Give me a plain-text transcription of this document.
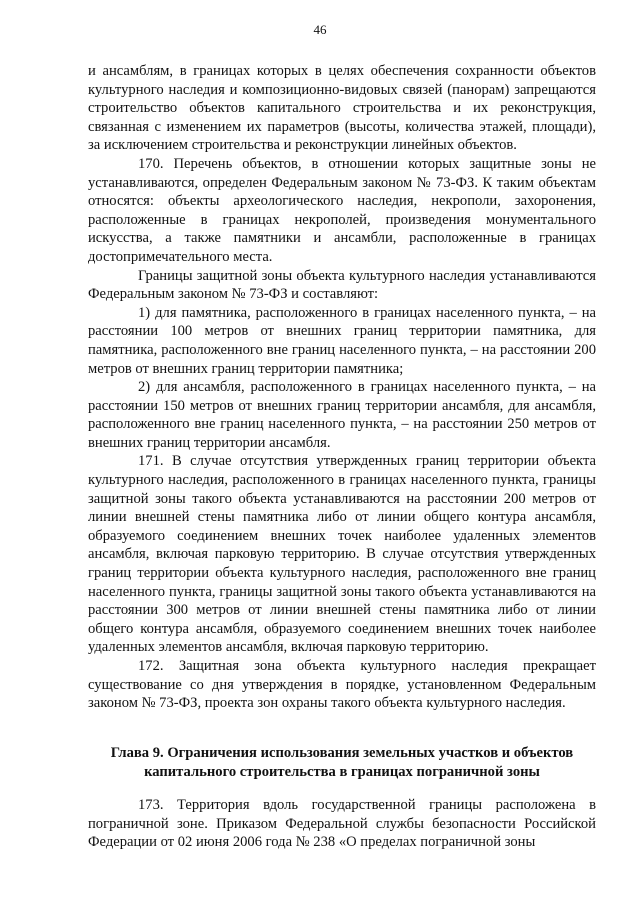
46

и ансамблям, в границах которых в целях обеспечения сохранности объектов культурного наследия и композиционно-видовых связей (панорам) запрещаются строительство объектов капитального строительства и их реконструкция, связанная с изменением их параметров (высоты, количества этажей, площади), за исключением строительства и реконструкции линейных объектов.

170. Перечень объектов, в отношении которых защитные зоны не устанавливаются, определен Федеральным законом № 73-ФЗ. К таким объектам относятся: объекты археологического наследия, некрополи, захоронения, расположенные в границах некрополей, произведения монументального искусства, а также памятники и ансамбли, расположенные в границах достопримечательного места.

Границы защитной зоны объекта культурного наследия устанавливаются Федеральным законом № 73-ФЗ и составляют:

1) для памятника, расположенного в границах населенного пункта, – на расстоянии 100 метров от внешних границ территории памятника, для памятника, расположенного вне границ населенного пункта, – на расстоянии 200 метров от внешних границ территории памятника;

2) для ансамбля, расположенного в границах населенного пункта, – на расстоянии 150 метров от внешних границ территории ансамбля, для ансамбля, расположенного вне границ населенного пункта, – на расстоянии 250 метров от внешних границ территории ансамбля.

171. В случае отсутствия утвержденных границ территории объекта культурного наследия, расположенного в границах населенного пункта, границы защитной зоны такого объекта устанавливаются на расстоянии 200 метров от линии внешней стены памятника либо от линии общего контура ансамбля, образуемого соединением внешних точек наиболее удаленных элементов ансамбля, включая парковую территорию. В случае отсутствия утвержденных границ территории объекта культурного наследия, расположенного вне границ населенного пункта, границы защитной зоны такого объекта устанавливаются на расстоянии 300 метров от линии внешней стены памятника либо от линии общего контура ансамбля, образуемого соединением внешних точек наиболее удаленных элементов ансамбля, включая парковую территорию.

172. Защитная зона объекта культурного наследия прекращает существование со дня утверждения в порядке, установленном Федеральным законом № 73-ФЗ, проекта зон охраны такого объекта культурного наследия.

Глава 9. Ограничения использования земельных участков и объектов капитального строительства в границах пограничной зоны

173. Территория вдоль государственной границы расположена в пограничной зоне. Приказом Федеральной службы безопасности Российской Федерации от 02 июня 2006 года № 238 «О пределах пограничной зоны
